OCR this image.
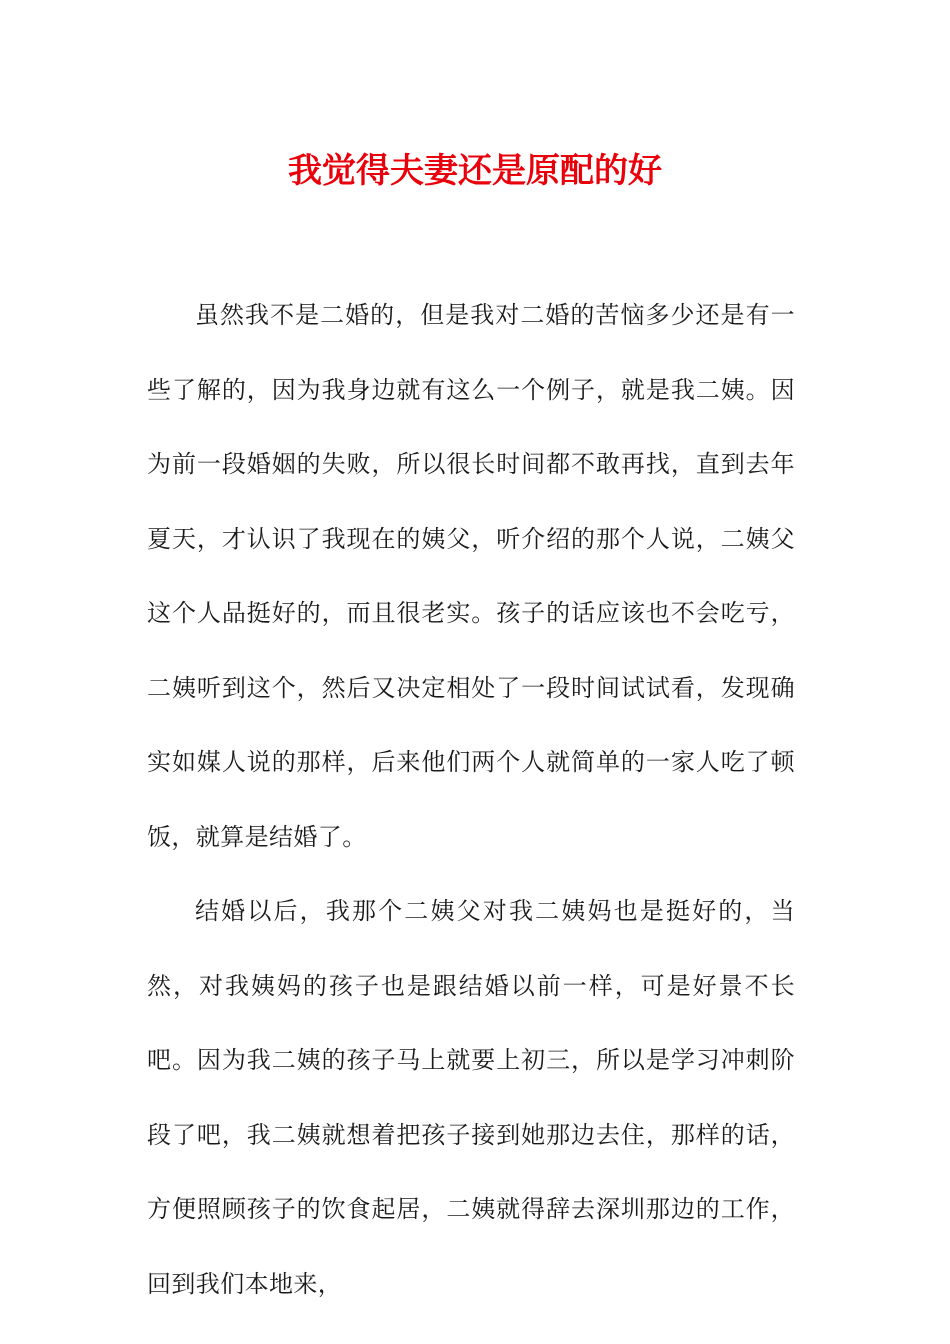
我觉得夫妻还是原配的好

虽然我不是二婚的，但是我对二婚的苦恼多少还是有一些了解的，因为我身边就有这么一个例子，就是我二姨。因为前一段婚姻的失败，所以很长时间都不敢再找，直到去年夏天，才认识了我现在的姨父，听介绍的那个人说，二姨父这个人品挺好的，而且很老实。孩子的话应该也不会吃亏，二姨听到这个，然后又决定相处了一段时间试试看，发现确实如媒人说的那样，后来他们两个人就简单的一家人吃了顿饭，就算是结婚了。

结婚以后，我那个二姨父对我二姨妈也是挺好的，当然，对我姨妈的孩子也是跟结婚以前一样，可是好景不长吧。因为我二姨的孩子马上就要上初三，所以是学习冲刺阶段了吧，我二姨就想着把孩子接到她那边去住，那样的话，方便照顾孩子的饮食起居，二姨就得辞去深圳那边的工作，回到我们本地来，
